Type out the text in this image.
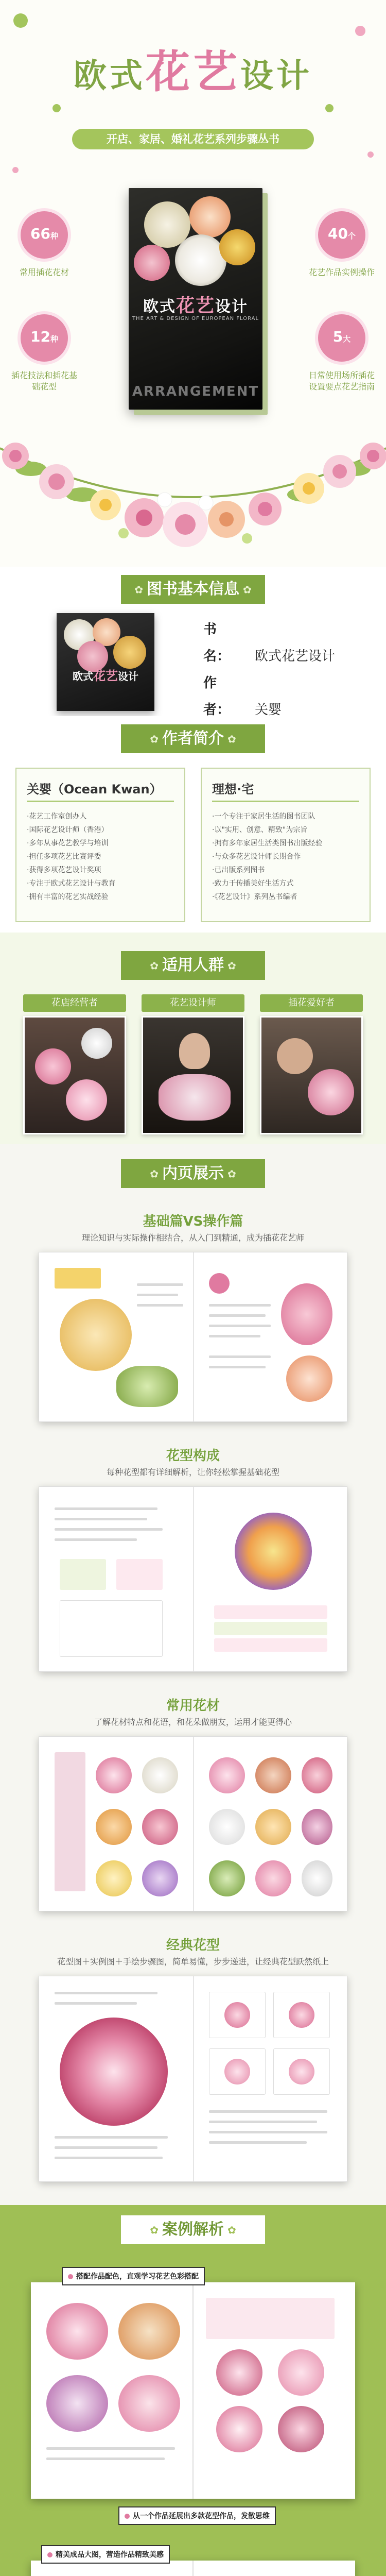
欧式花艺设计
开店、家居、婚礼花艺系列步骤丛书
欧式花艺设计
THE ART & DESIGN OF EUROPEAN FLORAL
ARRANGEMENT
66种
常用插花花材
40个
花艺作品实例操作
12种
插花技法和插花基础花型
5大
日常使用场所插花设置要点花艺指南
✿ 图书基本信息 ✿
欧式花艺设计
书　名： 欧式花艺设计
作　者： 关婴
✿ 作者简介 ✿
关婴（Ocean Kwan）
·花艺工作室创办人
·国际花艺设计师（香港）
·多年从事花艺教学与培训
·担任多项花艺比赛评委
·获得多项花艺设计奖项
·专注于欧式花艺设计与教育
·拥有丰富的花艺实战经验
理想·宅
·一个专注于家居生活的图书团队
·以"实用、创意、精致"为宗旨
·拥有多年家居生活类图书出版经验
·与众多花艺设计师长期合作
·已出版系列图书
·致力于传播美好生活方式
·《花艺设计》系列丛书编者
✿ 适用人群 ✿
花店经营者	花艺设计师	插花爱好者
✿ 内页展示 ✿
基础篇VS操作篇
理论知识与实际操作相结合，从入门到精通，成为插花花艺师
花型构成
每种花型都有详细解析，让你轻松掌握基础花型
常用花材
了解花材特点和花语，和花朵做朋友，运用才能更得心
经典花型
花型图＋实例图＋手绘步骤图，简单易懂，步步递进，让经典花型跃然纸上
✿ 案例解析 ✿
搭配作品配色，直观学习花艺色彩搭配
从一个作品延展出多款花型作品，发散思维
精美成品大图，营造作品精致美感
